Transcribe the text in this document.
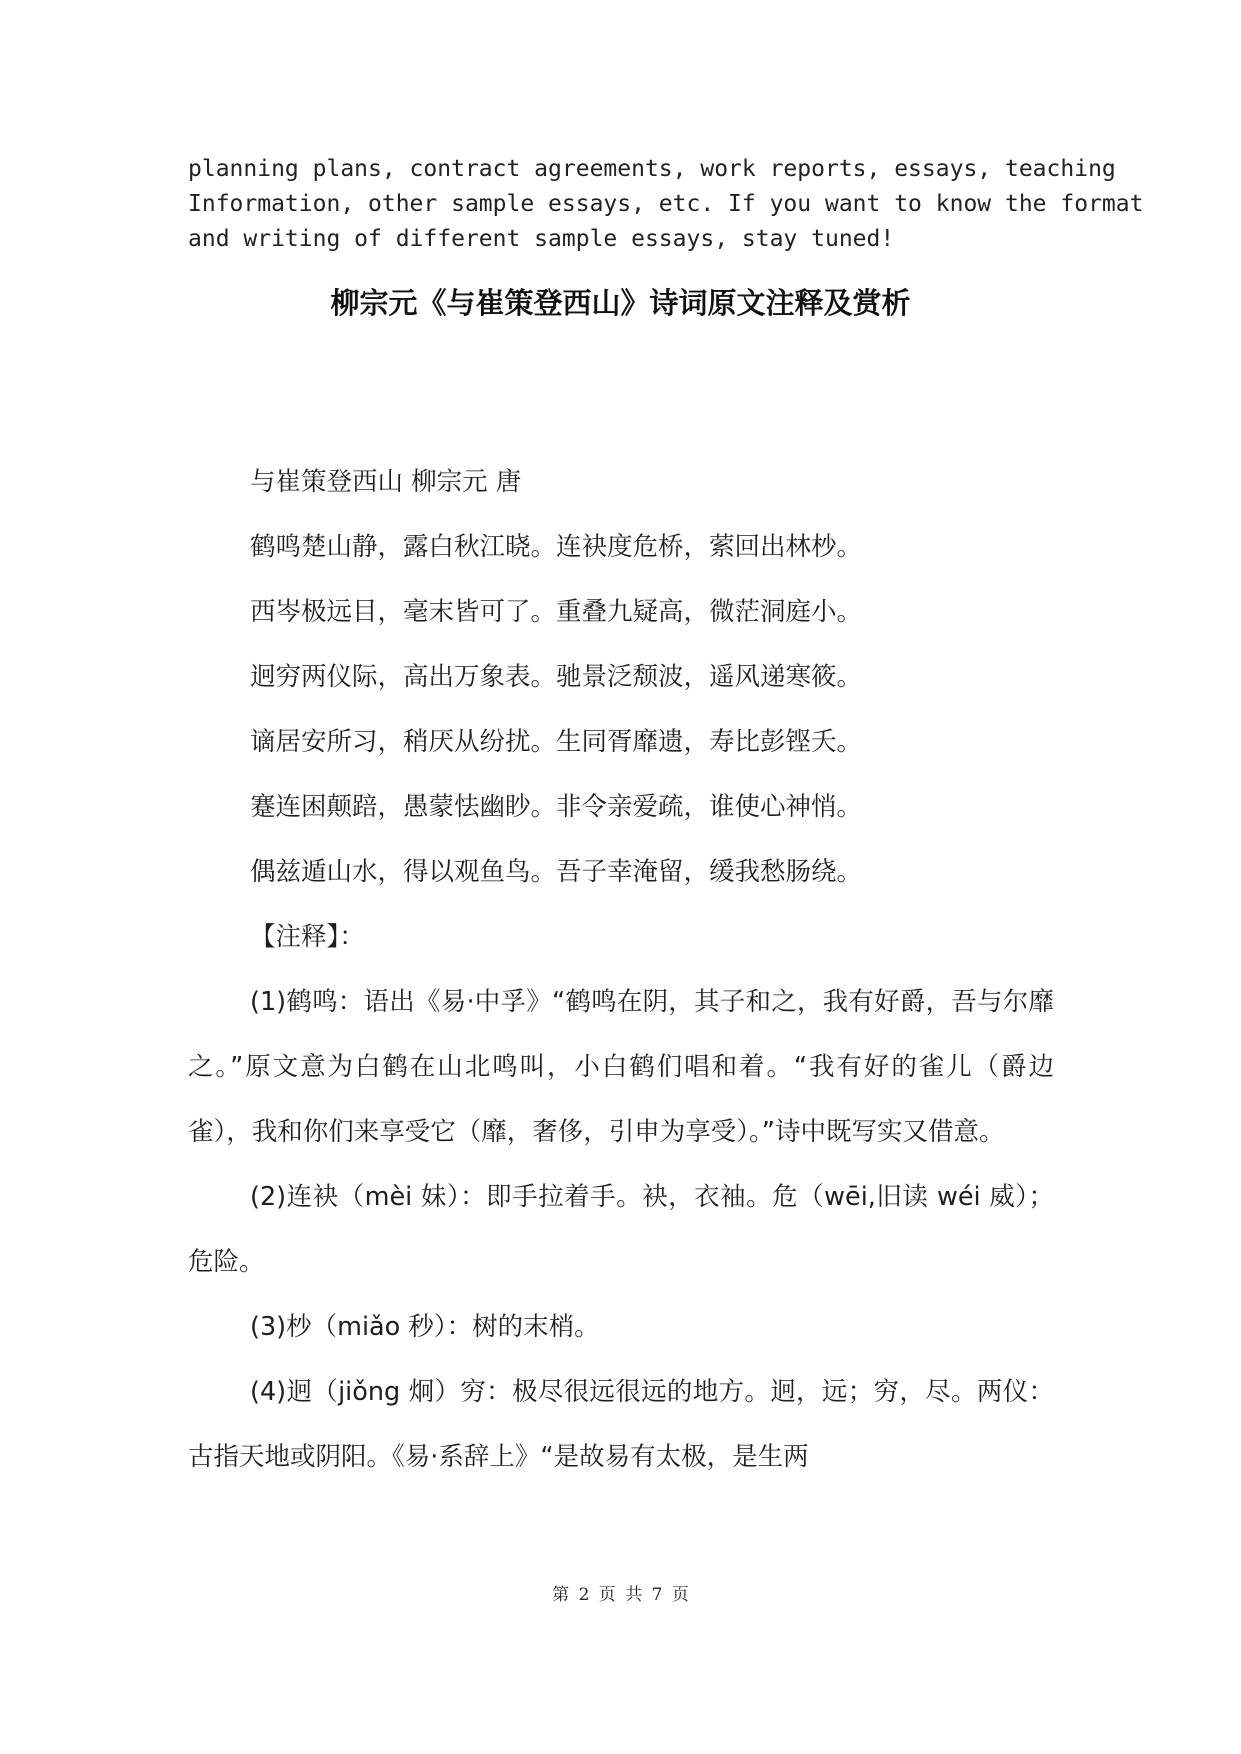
planning plans, contract agreements, work reports, essays, teaching
Information, other sample essays, etc. If you want to know the format
and writing of different sample essays, stay tuned!
柳宗元《与崔策登西山》诗词原文注释及赏析

与崔策登西山 柳宗元 唐

鹤鸣楚山静，露白秋江晓。连袂度危桥，萦回出林杪。

西岑极远目，毫末皆可了。重叠九疑高，微茫洞庭小。

迥穷两仪际，高出万象表。驰景泛颓波，遥风递寒筱。

谪居安所习，稍厌从纷扰。生同胥靡遗，寿比彭铿夭。

蹇连困颠踣，愚蒙怯幽眇。非令亲爱疏，谁使心神悄。

偶兹遁山水，得以观鱼鸟。吾子幸淹留，缓我愁肠绕。

【注释】：

(1)鹤鸣：语出《易·中孚》“鹤鸣在阴，其子和之，我有好爵，吾与尔靡之。”原文意为白鹤在山北鸣叫，小白鹤们唱和着。“我有好的雀儿（爵边雀），我和你们来享受它（靡，奢侈，引申为享受）。”诗中既写实又借意。

(2)连袂（mèi 妹）：即手拉着手。袂，衣袖。危（wēi,旧读 wéi 威）；危险。

(3)杪（miǎo 秒）：树的末梢。

(4)迥（jiǒng 炯）穷：极尽很远很远的地方。迥，远；穷，尽。两仪：古指天地或阴阳。《易·系辞上》“是故易有太极，是生两

第 2 页 共 7 页
